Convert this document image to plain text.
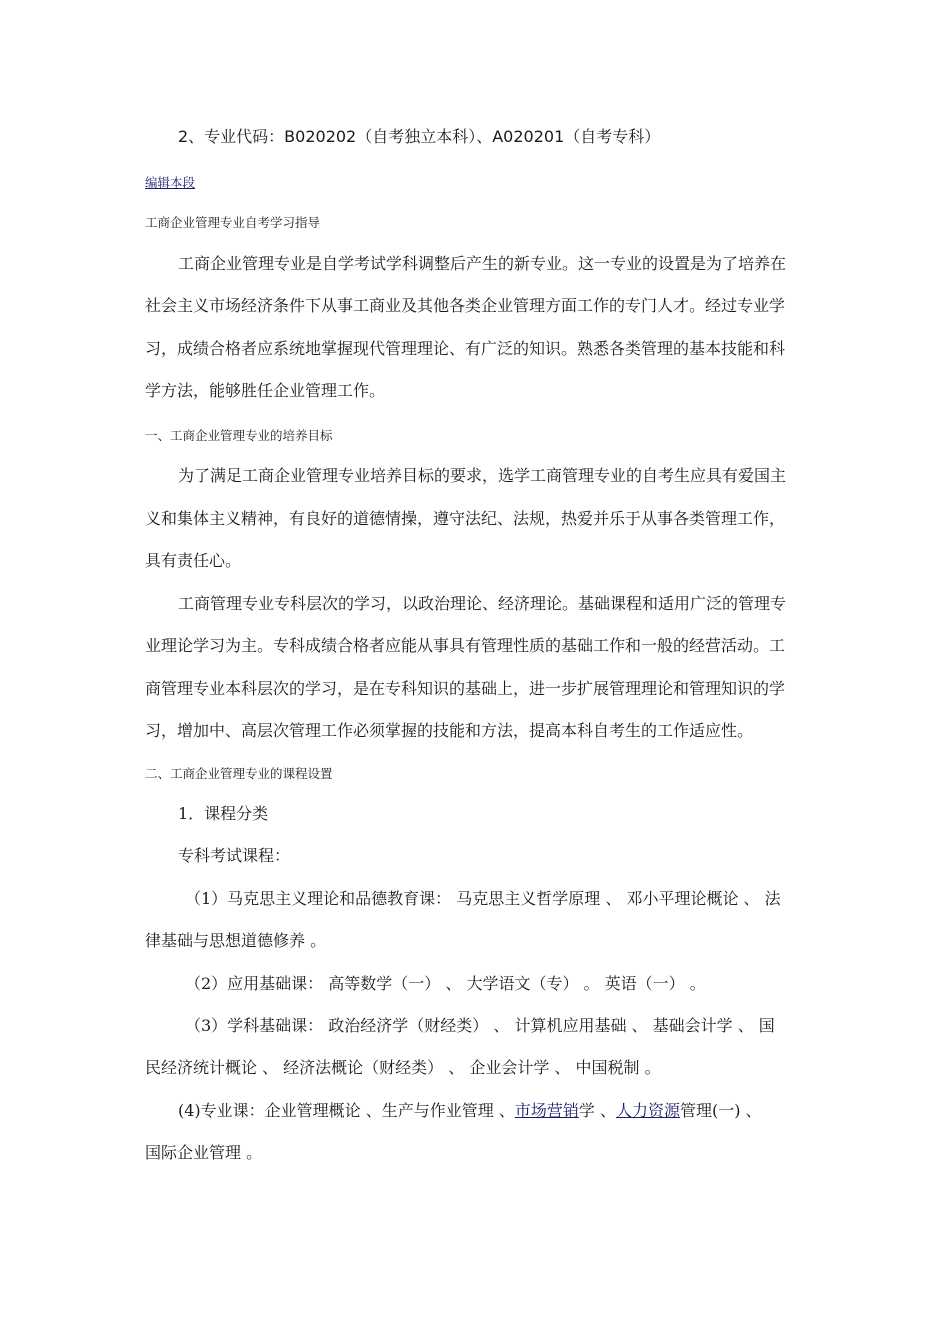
2、专业代码：B020202（自考独立本科）、A020201（自考专科）
编辑本段
工商企业管理专业自考学习指导
工商企业管理专业是自学考试学科调整后产生的新专业。这一专业的设置是为了培养在
社会主义市场经济条件下从事工商业及其他各类企业管理方面工作的专门人才。经过专业学
习，成绩合格者应系统地掌握现代管理理论、有广泛的知识。熟悉各类管理的基本技能和科
学方法，能够胜任企业管理工作。
一、工商企业管理专业的培养目标
为了满足工商企业管理专业培养目标的要求，选学工商管理专业的自考生应具有爱国主
义和集体主义精神，有良好的道德情操，遵守法纪、法规，热爱并乐于从事各类管理工作，
具有责任心。
工商管理专业专科层次的学习，以政治理论、经济理论。基础课程和适用广泛的管理专
业理论学习为主。专科成绩合格者应能从事具有管理性质的基础工作和一般的经营活动。工
商管理专业本科层次的学习，是在专科知识的基础上，进一步扩展管理理论和管理知识的学
习，增加中、高层次管理工作必须掌握的技能和方法，提高本科自考生的工作适应性。
二、工商企业管理专业的课程设置
1．课程分类
专科考试课程：
（1）马克思主义理论和品德教育课： 马克思主义哲学原理 、 邓小平理论概论 、 法
律基础与思想道德修养 。
（2）应用基础课： 高等数学（一） 、 大学语文（专） 。 英语（一） 。
（3）学科基础课： 政治经济学（财经类） 、 计算机应用基础 、 基础会计学 、 国
民经济统计概论 、 经济法概论（财经类） 、 企业会计学 、 中国税制 。
(4)专业课：企业管理概论 、生产与作业管理 、市场营销学 、人力资源管理(一) 、
国际企业管理 。
